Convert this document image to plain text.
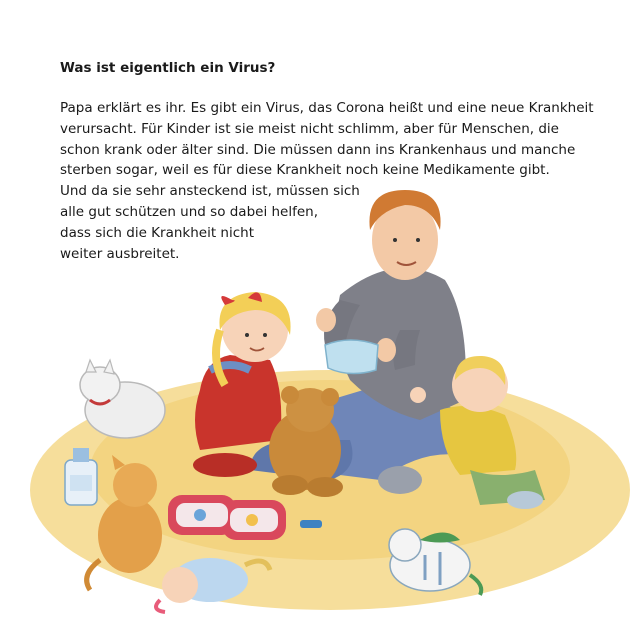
Was ist eigentlich ein Virus?

Papa erklärt es ihr. Es gibt ein Virus, das Corona heißt und eine neue Krankheit
verursacht. Für Kinder ist sie meist nicht schlimm, aber für Menschen, die
schon krank oder älter sind. Die müssen dann ins Krankenhaus und manche
sterben sogar, weil es für diese Krankheit noch keine Medikamente gibt.
Und da sie sehr ansteckend ist, müssen sich
alle gut schützen und so dabei helfen,
dass sich die Krankheit nicht
weiter ausbreitet.
